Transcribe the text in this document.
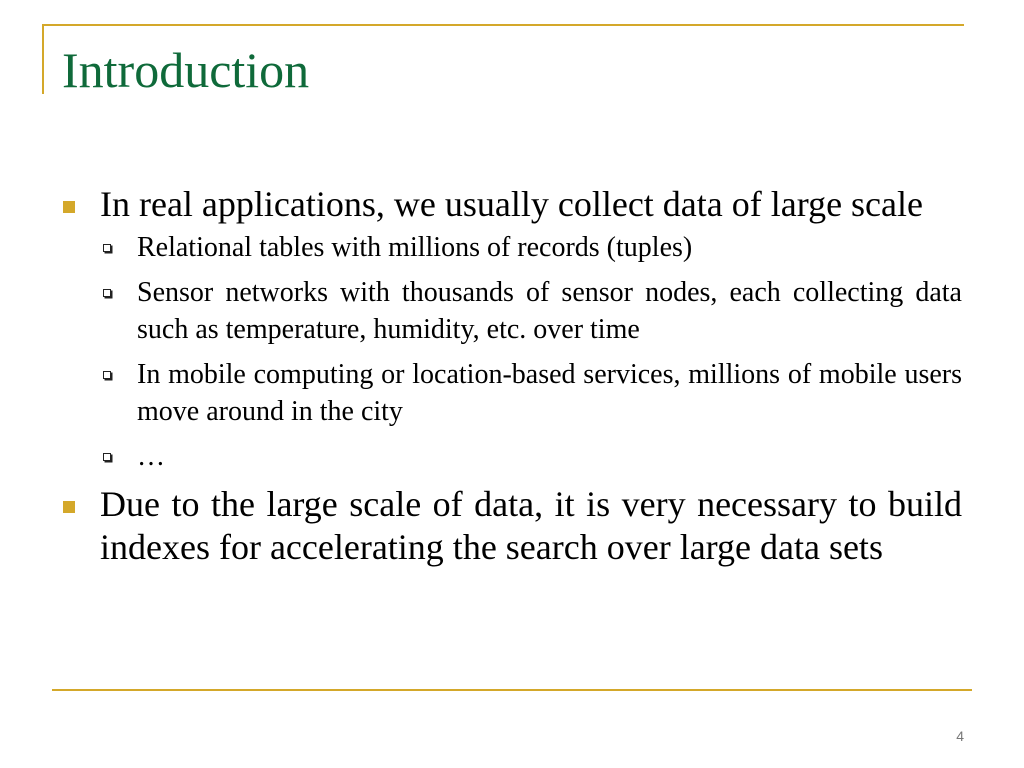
Introduction
In real applications, we usually collect data of large scale
Relational tables with millions of records (tuples)
Sensor networks with thousands of sensor nodes, each collecting data such as temperature, humidity, etc. over time
In mobile computing or location-based services, millions of mobile users move around in the city
…
Due to the large scale of data, it is very necessary to build indexes for accelerating the search over large data sets
4
